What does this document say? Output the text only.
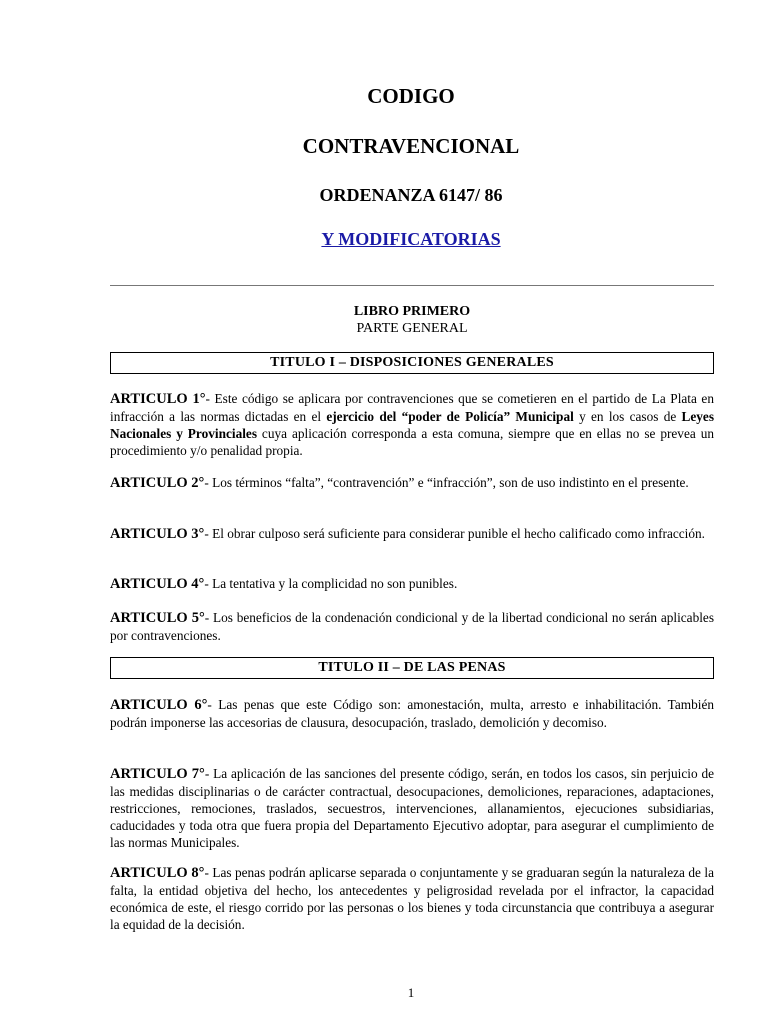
CODIGO
CONTRAVENCIONAL
ORDENANZA 6147/ 86
Y MODIFICATORIAS
LIBRO PRIMERO
PARTE GENERAL
TITULO I – DISPOSICIONES GENERALES
ARTICULO 1°- Este código se aplicara por contravenciones que se cometieren en el partido de La Plata en infracción a las normas dictadas en el ejercicio del “poder de Policía” Municipal y en los casos de Leyes Nacionales y Provinciales cuya aplicación corresponda a esta comuna, siempre que en ellas no se prevea un procedimiento y/o penalidad propia.
ARTICULO 2°- Los términos “falta”, “contravención” e “infracción”, son de uso indistinto en el presente.
ARTICULO 3°- El obrar culposo será suficiente para considerar punible el hecho calificado como infracción.
ARTICULO 4°- La tentativa y la complicidad no son punibles.
ARTICULO 5°- Los beneficios de la condenación condicional y de la libertad condicional no serán aplicables por contravenciones.
TITULO II – DE LAS PENAS
ARTICULO 6°- Las penas que este Código son: amonestación, multa, arresto e inhabilitación. También podrán imponerse las accesorias de clausura, desocupación, traslado, demolición y decomiso.
ARTICULO 7°- La aplicación de las sanciones del presente código, serán, en todos los casos, sin perjuicio de las medidas disciplinarias o de carácter contractual, desocupaciones, demoliciones, reparaciones, adaptaciones, restricciones, remociones, traslados, secuestros, intervenciones, allanamientos, ejecuciones subsidiarias, caducidades y toda otra que fuera propia del Departamento Ejecutivo adoptar, para asegurar el cumplimiento de las normas Municipales.
ARTICULO 8°- Las penas podrán aplicarse separada o conjuntamente y se graduaran según la naturaleza de la falta, la entidad objetiva del hecho, los antecedentes y peligrosidad revelada por el infractor, la capacidad económica de este, el riesgo corrido por las personas o los bienes y toda circunstancia que contribuya a asegurar la equidad de la decisión.
1
